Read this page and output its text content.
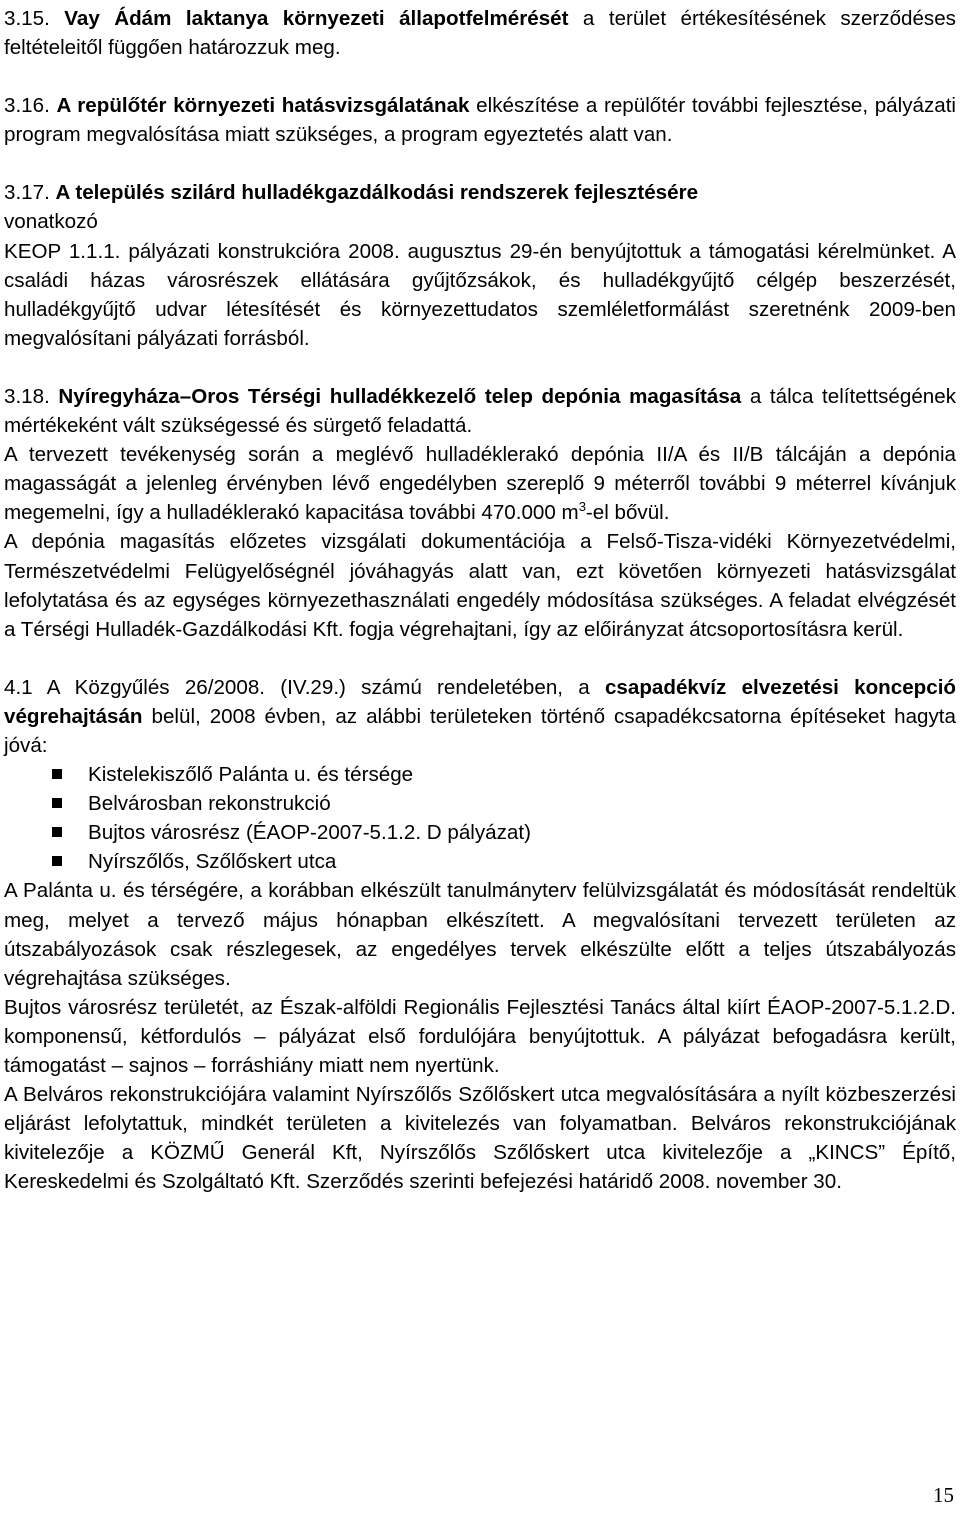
3.15. Vay Ádám laktanya környezeti állapotfelmérését a terület értékesítésének szerződéses feltételeitől függően határozzuk meg.

3.16. A repülőtér környezeti hatásvizsgálatának elkészítése a repülőtér további fejlesztése, pályázati program megvalósítása miatt szükséges, a program egyeztetés alatt van.

3.17. A település szilárd hulladékgazdálkodási rendszerek fejlesztésére
vonatkozó
KEOP 1.1.1. pályázati konstrukcióra 2008. augusztus 29-én benyújtottuk a támogatási kérelmünket. A családi házas városrészek ellátására gyűjtőzsákok, és hulladékgyűjtő célgép beszerzését, hulladékgyűjtő udvar létesítését és környezettudatos szemléletformálást szeretnénk 2009-ben megvalósítani pályázati forrásból.

3.18. Nyíregyháza–Oros Térségi hulladékkezelő telep depónia magasítása a tálca telítettségének mértékeként vált szükségessé és sürgető feladattá.

A tervezett tevékenység során a meglévő hulladéklerakó depónia II/A és II/B tálcáján a depónia magasságát a jelenleg érvényben lévő engedélyben szereplő 9 méterről további 9 méterrel kívánjuk megemelni, így a hulladéklerakó kapacitása további 470.000 $m^3-el$ bővül.

A depónia magasítás előzetes vizsgálati dokumentációja a Felső-Tisza-vidéki Környezetvédelmi, Természetvédelmi Felügyelőségnél jóváhagyás alatt van, ezt követően környezeti hatásvizsgálat lefolytatása és az egységes környezethasználati engedély módosítása szükséges. A feladat elvégzését a Térségi Hulladék-Gazdálkodási Kft. fogja végrehajtani, így az előirányzat átcsoportosításra kerül.

4.1 A Közgyűlés 26/2008. (IV.29.) számú rendeletében, a csapadékvíz elvezetési koncepció végrehajtásán belül, 2008 évben, az alábbi területeken történő csapadékcsatorna építéseket hagyta jóvá:

Kistelekiszőlő Palánta u. és térsége
Belvárosban rekonstrukció
Bujtos városrész (ÉAOP-2007-5.1.2. D pályázat)
Nyírszőlős, Szőlőskert utca

A Palánta u. és térségére, a korábban elkészült tanulmányterv felülvizsgálatát és módosítását rendeltük meg, melyet a tervező május hónapban elkészített. A megvalósítani tervezett területen az útszabályozások csak részlegesek, az engedélyes tervek elkészülte előtt a teljes útszabályozás végrehajtása szükséges.

Bujtos városrész területét, az Észak-alföldi Regionális Fejlesztési Tanács által kiírt ÉAOP-2007-5.1.2.D. komponensű, kétfordulós – pályázat első fordulójára benyújtottuk. A pályázat befogadásra került, támogatást – sajnos – forráshiány miatt nem nyertünk.

A Belváros rekonstrukciójára valamint Nyírszőlős Szőlőskert utca megvalósítására a nyílt közbeszerzési eljárást lefolytattuk, mindkét területen a kivitelezés van folyamatban. Belváros rekonstrukciójának kivitelezője a KÖZMŰ Generál Kft, Nyírszőlős Szőlőskert utca kivitelezője a „KINCS” Építő, Kereskedelmi és Szolgáltató Kft. Szerződés szerinti befejezési határidő 2008. november 30.

15
